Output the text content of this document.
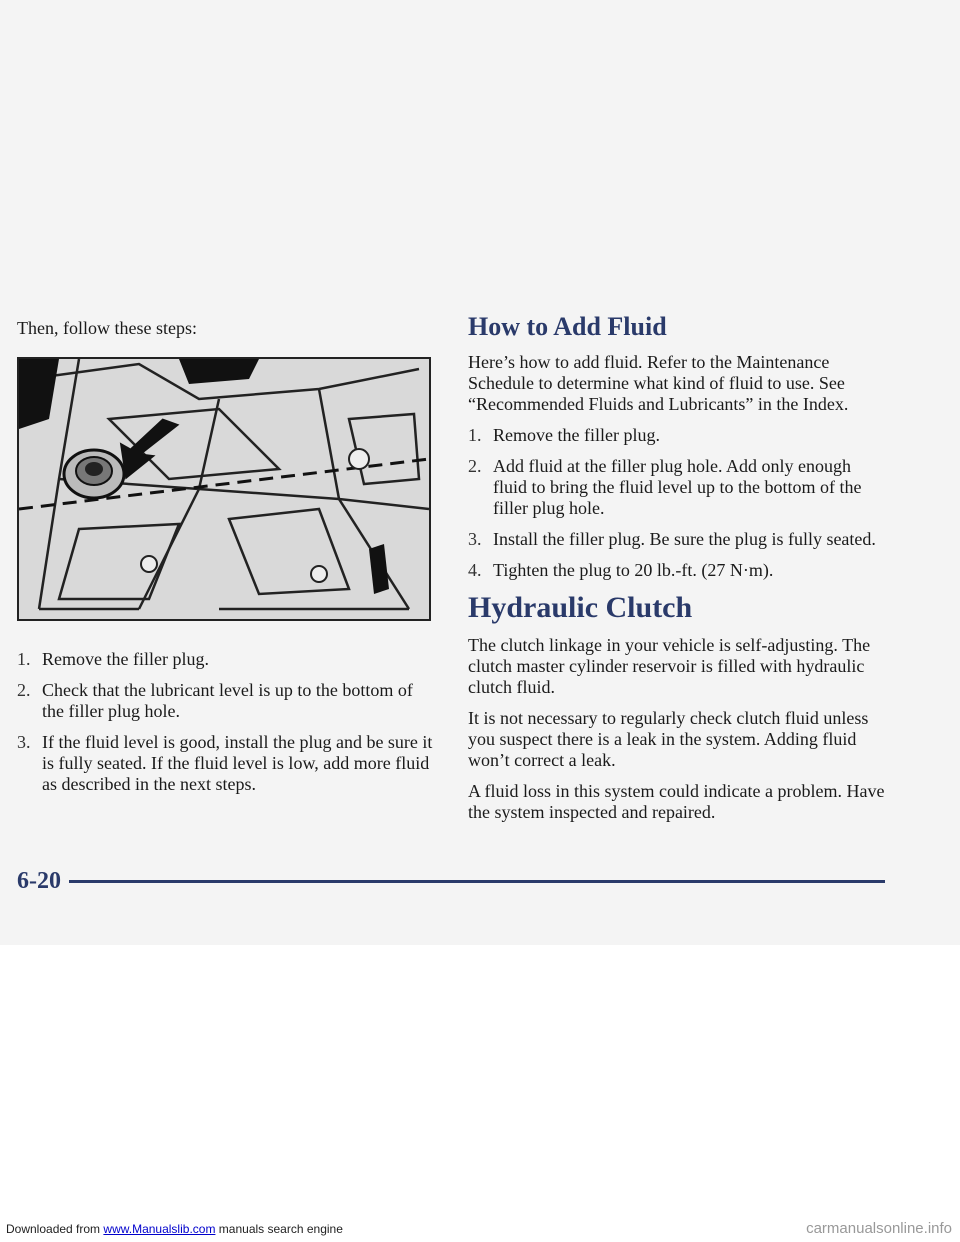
Then, follow these steps:
1. Remove the filler plug.
2. Check that the lubricant level is up to the bottom of the filler plug hole.
3. If the fluid level is good, install the plug and be sure it is fully seated. If the fluid level is low, add more fluid as described in the next steps.
How to Add Fluid

Here’s how to add fluid. Refer to the Maintenance Schedule to determine what kind of fluid to use. See “Recommended Fluids and Lubricants” in the Index.

1. Remove the filler plug.
2. Add fluid at the filler plug hole. Add only enough fluid to bring the fluid level up to the bottom of the filler plug hole.
3. Install the filler plug. Be sure the plug is fully seated.
4. Tighten the plug to 20 lb.-ft. (27 N·m).
Hydraulic Clutch

The clutch linkage in your vehicle is self-adjusting. The clutch master cylinder reservoir is filled with hydraulic clutch fluid.

It is not necessary to regularly check clutch fluid unless you suspect there is a leak in the system. Adding fluid won’t correct a leak.

A fluid loss in this system could indicate a problem. Have the system inspected and repaired.

6-20
Downloaded from www.Manualslib.com manuals search engine	carmanualsonline.info
